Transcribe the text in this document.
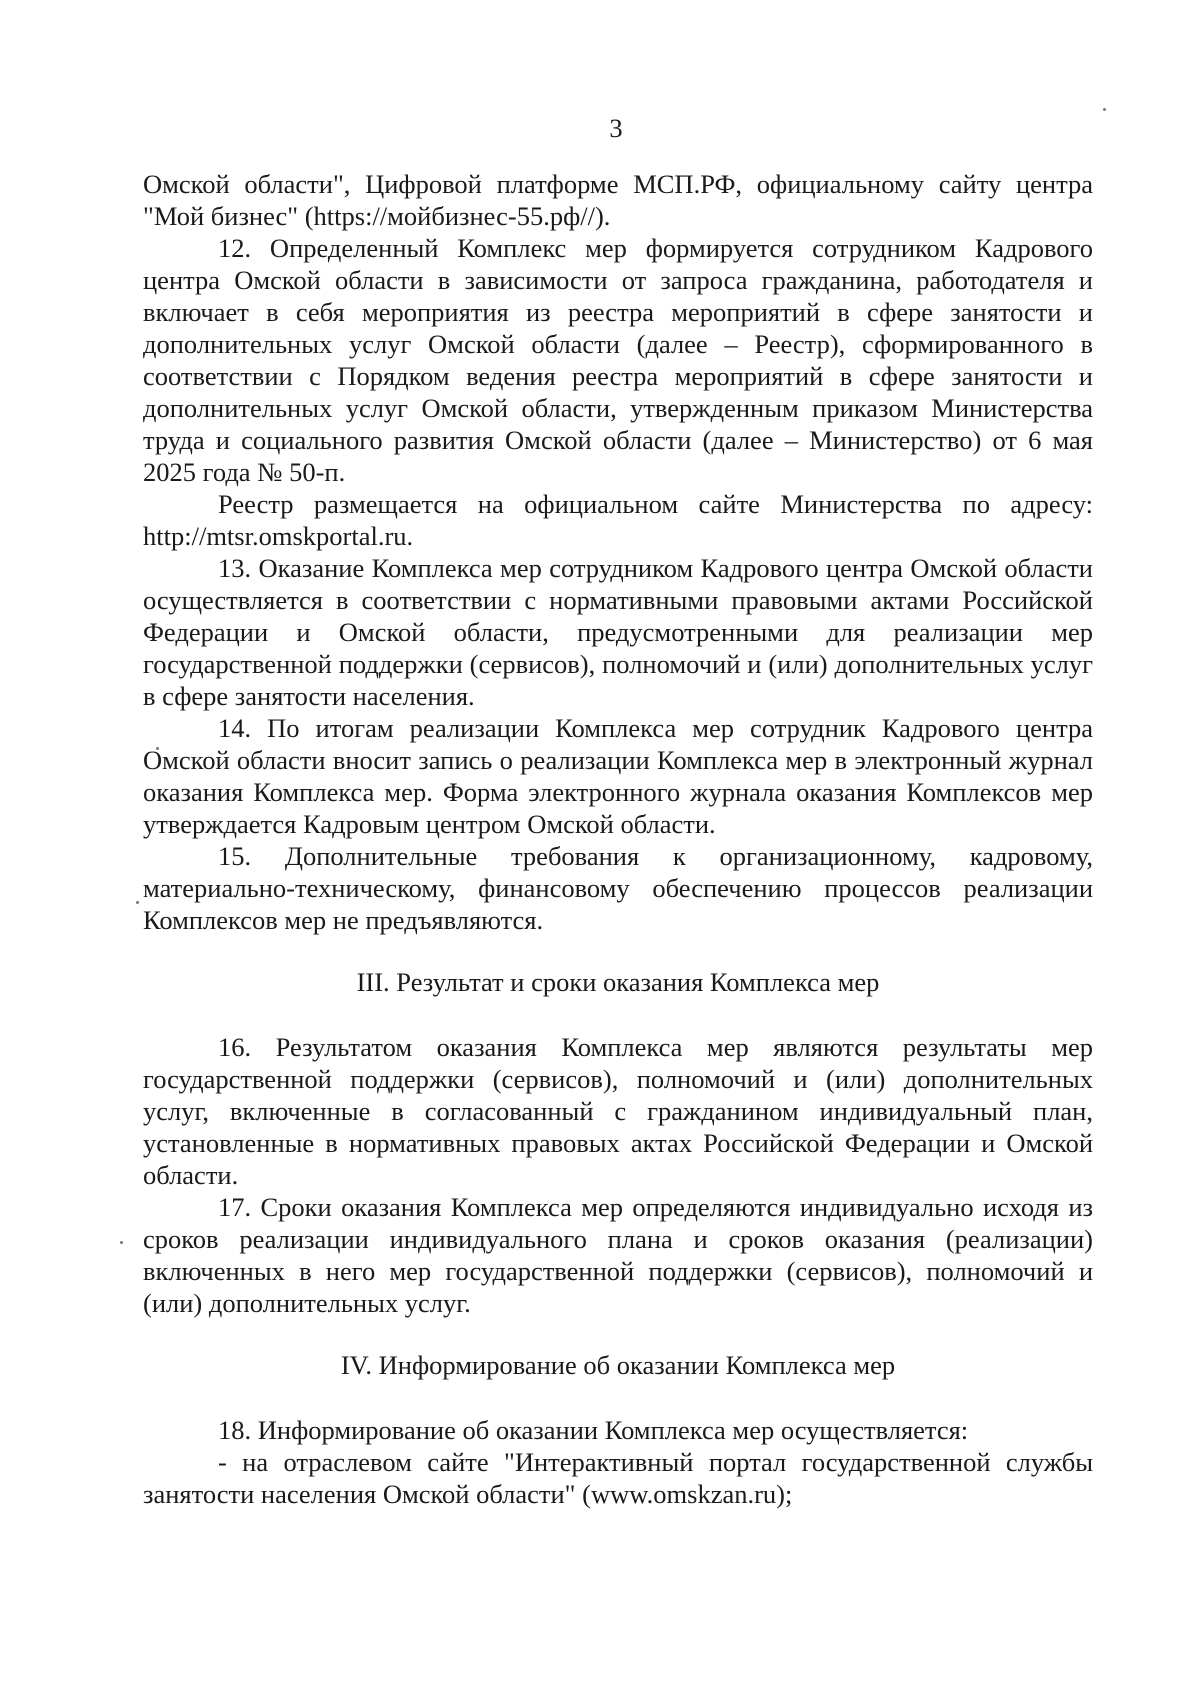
3

Омской области", Цифровой платформе МСП.РФ, официальному сайту центра "Мой бизнес" (https://мойбизнес-55.рф//).

12. Определенный Комплекс мер формируется сотрудником Кадрового центра Омской области в зависимости от запроса гражданина, работодателя и включает в себя мероприятия из реестра мероприятий в сфере занятости и дополнительных услуг Омской области (далее – Реестр), сформированного в соответствии с Порядком ведения реестра мероприятий в сфере занятости и дополнительных услуг Омской области, утвержденным приказом Министерства труда и социального развития Омской области (далее – Министерство) от 6 мая 2025 года № 50-п.

Реестр размещается на официальном сайте Министерства по адресу: http://mtsr.omskportal.ru.

13. Оказание Комплекса мер сотрудником Кадрового центра Омской области осуществляется в соответствии с нормативными правовыми актами Российской Федерации и Омской области, предусмотренными для реализации мер государственной поддержки (сервисов), полномочий и (или) дополнительных услуг в сфере занятости населения.

14. По итогам реализации Комплекса мер сотрудник Кадрового центра Омской области вносит запись о реализации Комплекса мер в электронный журнал оказания Комплекса мер. Форма электронного журнала оказания Комплексов мер утверждается Кадровым центром Омской области.

15. Дополнительные требования к организационному, кадровому, материально-техническому, финансовому обеспечению процессов реализации Комплексов мер не предъявляются.

III. Результат и сроки оказания Комплекса мер

16. Результатом оказания Комплекса мер являются результаты мер государственной поддержки (сервисов), полномочий и (или) дополнительных услуг, включенные в согласованный с гражданином индивидуальный план, установленные в нормативных правовых актах Российской Федерации и Омской области.

17. Сроки оказания Комплекса мер определяются индивидуально исходя из сроков реализации индивидуального плана и сроков оказания (реализации) включенных в него мер государственной поддержки (сервисов), полномочий и (или) дополнительных услуг.

IV. Информирование об оказании Комплекса мер

18. Информирование об оказании Комплекса мер осуществляется:

- на отраслевом сайте "Интерактивный портал государственной службы занятости населения Омской области" (www.omskzan.ru);
